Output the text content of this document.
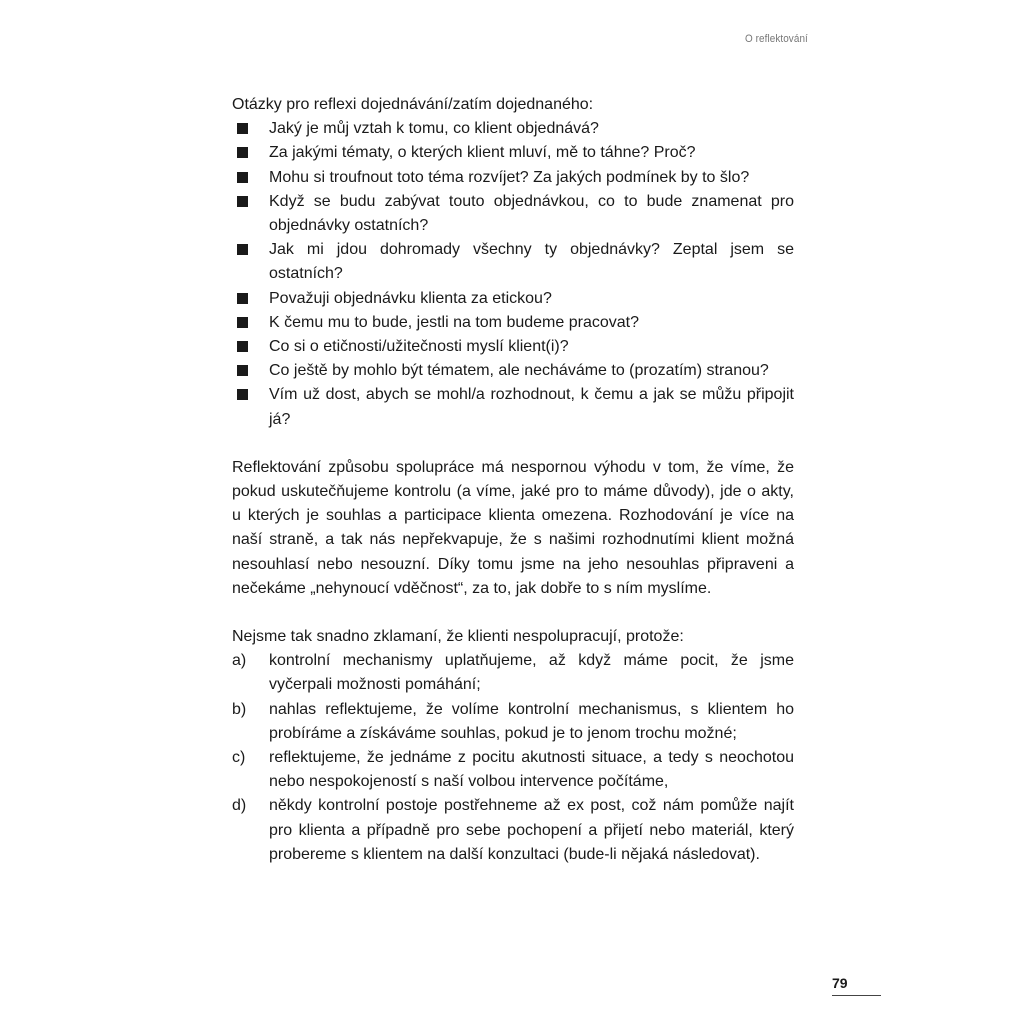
O reflektování

Otázky pro reflexi dojednávání/zatím dojednaného:

Jaký je můj vztah k tomu, co klient objednává?
Za jakými tématy, o kterých klient mluví, mě to táhne? Proč?
Mohu si troufnout toto téma rozvíjet? Za jakých podmínek by to šlo?
Když se budu zabývat touto objednávkou, co to bude znamenat pro objednávky ostatních?
Jak mi jdou dohromady všechny ty objednávky? Zeptal jsem se ostatních?
Považuji objednávku klienta za etickou?
K čemu mu to bude, jestli na tom budeme pracovat?
Co si o etičnosti/užitečnosti myslí klient(i)?
Co ještě by mohlo být tématem, ale necháváme to (prozatím) stranou?
Vím už dost, abych se mohl/a rozhodnout, k čemu a jak se můžu připojit já?

Reflektování způsobu spolupráce má nespornou výhodu v tom, že víme, že pokud uskutečňujeme kontrolu (a víme, jaké pro to máme důvody), jde o akty, u kterých je souhlas a participace klienta omezena. Rozhodování je více na naší straně, a tak nás nepřekvapuje, že s našimi rozhodnutími klient možná nesouhlasí nebo nesouzní. Díky tomu jsme na jeho nesouhlas připraveni a nečekáme „nehynoucí vděčnost“, za to, jak dobře to s ním myslíme.

Nejsme tak snadno zklamaní, že klienti nespolupracují, protože:

a) kontrolní mechanismy uplatňujeme, až když máme pocit, že jsme vyčerpali možnosti pomáhání;
b) nahlas reflektujeme, že volíme kontrolní mechanismus, s klientem ho probíráme a získáváme souhlas, pokud je to jenom trochu možné;
c) reflektujeme, že jednáme z pocitu akutnosti situace, a tedy s neochotou nebo nespokojeností s naší volbou intervence počítáme,
d) někdy kontrolní postoje postřehneme až ex post, což nám pomůže najít pro klienta a případně pro sebe pochopení a přijetí nebo materiál, který probereme s klientem na další konzultaci (bude-li nějaká následovat).
79
